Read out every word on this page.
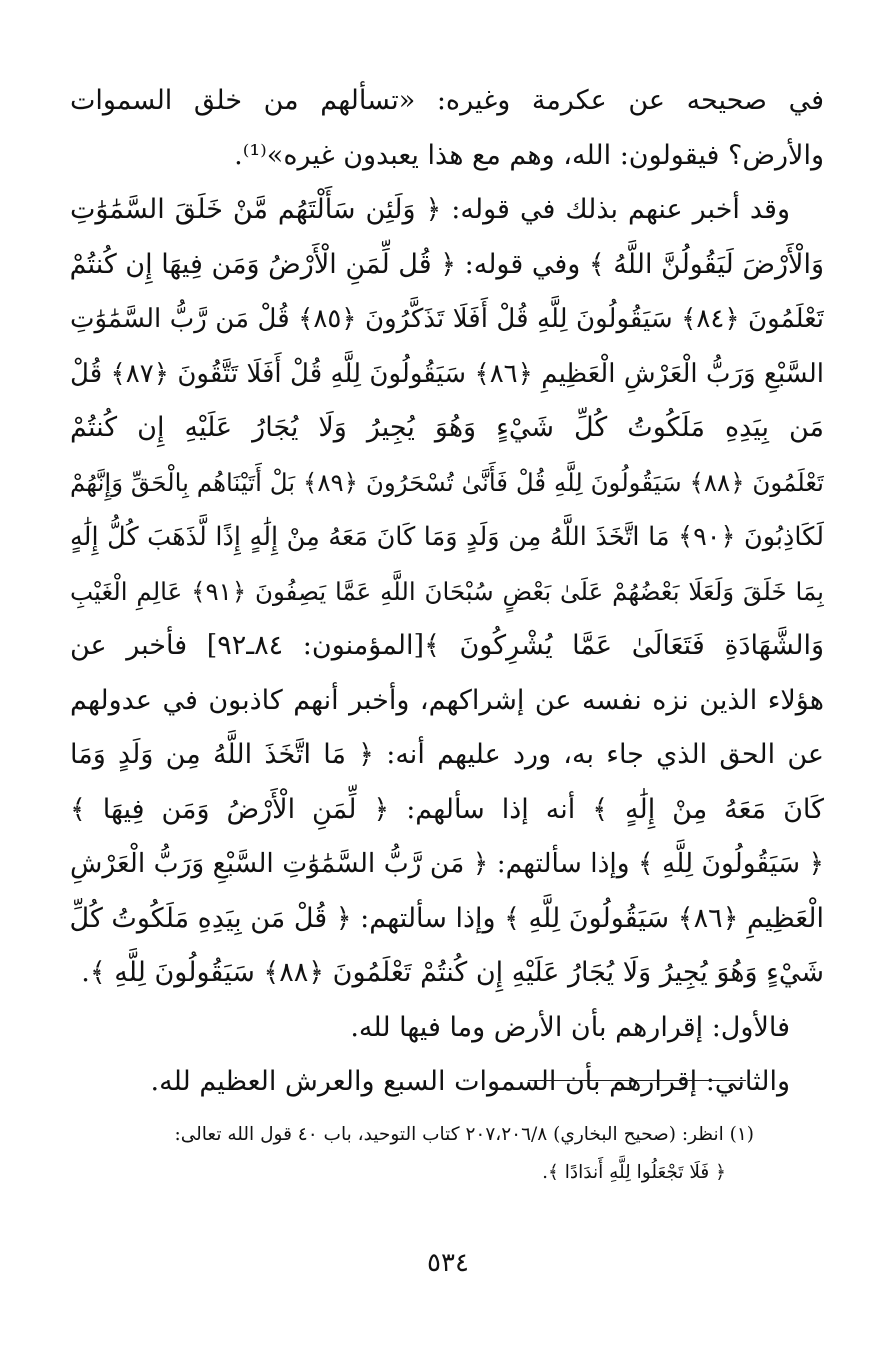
في صحيحه عن عكرمة وغيره: «تسألهم من خلق السموات
والأرض؟ فيقولون: الله، وهم مع هذا يعبدون غيره»⁽¹⁾.
وقد أخبر عنهم بذلك في قوله: ﴿ وَلَئِن سَأَلْتَهُم مَّنْ خَلَقَ السَّمَٰوَٰتِ
وَالْأَرْضَ لَيَقُولُنَّ اللَّهُ ﴾ وفي قوله: ﴿ قُل لِّمَنِ الْأَرْضُ وَمَن فِيهَا إِن كُنتُمْ
تَعْلَمُونَ ﴿٨٤﴾ سَيَقُولُونَ لِلَّهِ قُلْ أَفَلَا تَذَكَّرُونَ ﴿٨٥﴾ قُلْ مَن رَّبُّ السَّمَٰوَٰتِ
السَّبْعِ وَرَبُّ الْعَرْشِ الْعَظِيمِ ﴿٨٦﴾ سَيَقُولُونَ لِلَّهِ قُلْ أَفَلَا تَتَّقُونَ ﴿٨٧﴾ قُلْ
مَن بِيَدِهِ مَلَكُوتُ كُلِّ شَيْءٍ وَهُوَ يُجِيرُ وَلَا يُجَارُ عَلَيْهِ إِن كُنتُمْ
تَعْلَمُونَ ﴿٨٨﴾ سَيَقُولُونَ لِلَّهِ قُلْ فَأَنَّىٰ تُسْحَرُونَ ﴿٨٩﴾ بَلْ أَتَيْنَاهُم بِالْحَقِّ وَإِنَّهُمْ
لَكَاذِبُونَ ﴿٩٠﴾ مَا اتَّخَذَ اللَّهُ مِن وَلَدٍ وَمَا كَانَ مَعَهُ مِنْ إِلَٰهٍ إِذًا لَّذَهَبَ كُلُّ إِلَٰهٍ
بِمَا خَلَقَ وَلَعَلَا بَعْضُهُمْ عَلَىٰ بَعْضٍ سُبْحَانَ اللَّهِ عَمَّا يَصِفُونَ ﴿٩١﴾ عَالِمِ الْغَيْبِ
وَالشَّهَادَةِ فَتَعَالَىٰ عَمَّا يُشْرِكُونَ ﴾[المؤمنون: ٨٤ـ٩٢] فأخبر عن
هؤلاء الذين نزه نفسه عن إشراكهم، وأخبر أنهم كاذبون في عدولهم
عن الحق الذي جاء به، ورد عليهم أنه: ﴿ مَا اتَّخَذَ اللَّهُ مِن وَلَدٍ وَمَا
كَانَ مَعَهُ مِنْ إِلَٰهٍ ﴾ أنه إذا سألهم: ﴿ لِّمَنِ الْأَرْضُ وَمَن فِيهَا ﴾
﴿ سَيَقُولُونَ لِلَّهِ ﴾ وإذا سألتهم: ﴿ مَن رَّبُّ السَّمَٰوَٰتِ السَّبْعِ وَرَبُّ الْعَرْشِ
الْعَظِيمِ ﴿٨٦﴾ سَيَقُولُونَ لِلَّهِ ﴾ وإذا سألتهم: ﴿ قُلْ مَن بِيَدِهِ مَلَكُوتُ كُلِّ
شَيْءٍ وَهُوَ يُجِيرُ وَلَا يُجَارُ عَلَيْهِ إِن كُنتُمْ تَعْلَمُونَ ﴿٨٨﴾ سَيَقُولُونَ لِلَّهِ ﴾.
فالأول: إقرارهم بأن الأرض وما فيها لله.
والثاني: إقرارهم بأن السموات السبع والعرش العظيم لله.
(١) انظر: (صحيح البخاري) ٢٠٧،٢٠٦/٨ كتاب التوحيد، باب ٤٠ قول الله تعالى:
﴿ فَلَا تَجْعَلُوا لِلَّهِ أَندَادًا ﴾.
٥٣٤
